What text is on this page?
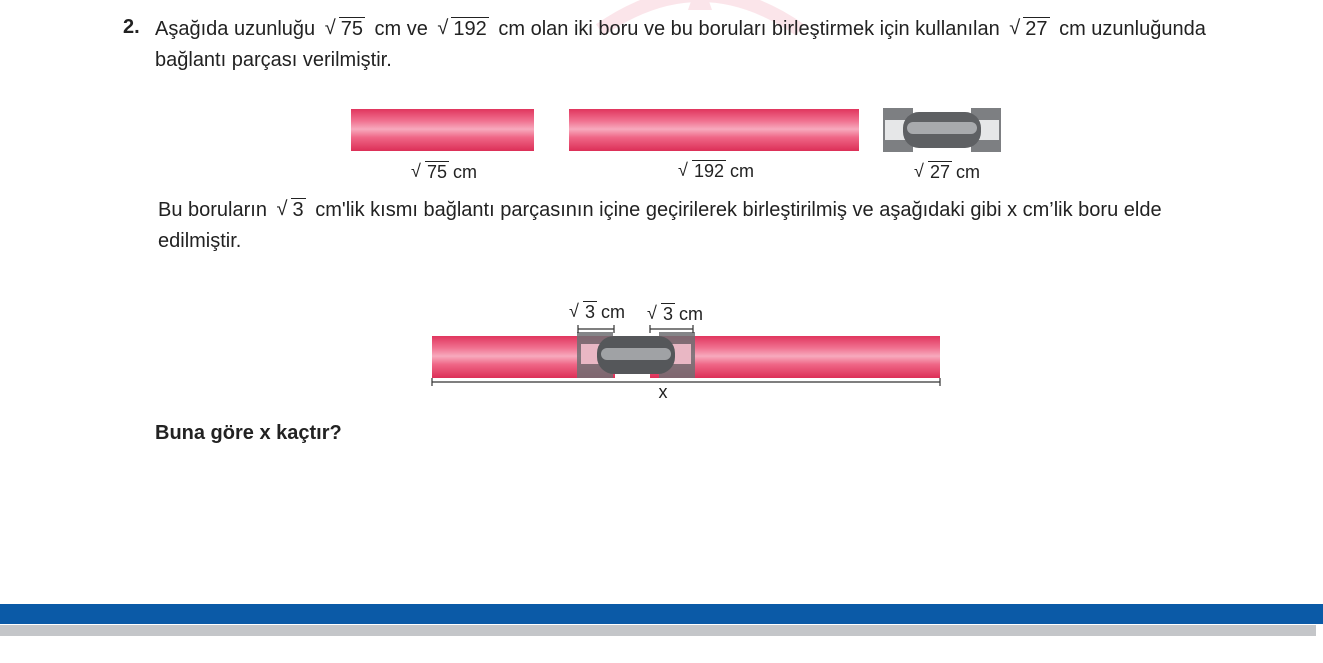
2. Aşağıda uzunluğu √ 75 cm ve √ 192 cm olan iki boru ve bu boruları birleştirmek için kullanılan √ 27 cm uzunluğunda bağlantı parçası verilmiştir.
√ 75 cm	√ 192 cm	√ 27 cm
Bu boruların √ 3 cm'lik kısmı bağlantı parçasının içine geçirilerek birleştirilmiş ve aşağıdaki gibi x cm’lik boru elde edilmiştir.
√ 3 cm	√ 3 cm
x
Buna göre x kaçtır?
